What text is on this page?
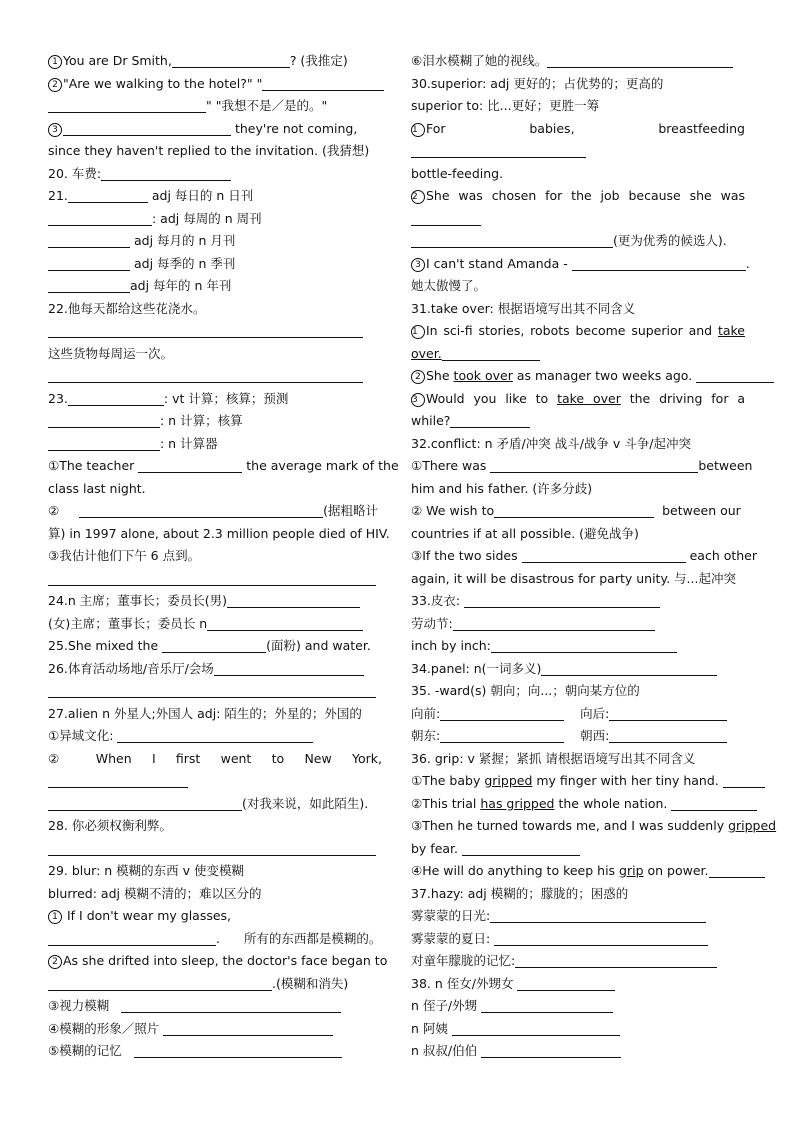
1 You are Dr Smith,	? (我推定)
2 "Are we walking to the hotel?" "
" "我想不是／是的。"
3	they're not coming,
since they haven't replied to the invitation. (我猜想)
20. 车费:
21.	adj 每日的 n 日刊
: adj 每周的 n 周刊
adj 每月的 n 月刊
adj 每季的 n 季刊
adj 每年的 n 年刊
22.他每天都给这些花浇水。
这些货物每周运一次。
23.	: vt 计算；核算；预测
: n 计算；核算
: n 计算器
①The teacher	the average mark of the
class last night.
②	(据粗略计
算) in 1997 alone, about 2.3 million people died of HIV.
③我估计他们下午 6 点到。
24.n 主席；董事长；委员长(男)
(女)主席；董事长；委员长 n
25.She mixed the	(面粉) and water.
26.体育活动场地/音乐厅/会场
27.alien n 外星人;外国人 adj: 陌生的；外星的；外国的
①异域文化:
② When I first went to New York,
(对我来说，如此陌生).
28. 你必须权衡利弊。
29. blur: n 模糊的东西 v 使变模糊
blurred: adj 模糊不清的；难以区分的
1 If I don't wear my glasses,
.      所有的东西都是模糊的。
2 As she drifted into sleep, the doctor's face began to
.(模糊和消失)
③视力模糊
④模糊的形象／照片
⑤模糊的记忆
⑥泪水模糊了她的视线。
30.superior: adj 更好的；占优势的；更高的
superior to: 比...更好；更胜一筹
1 For	babies,	breastfeeding
bottle-feeding.
2 She was chosen for the job because she was
(更为优秀的候选人).
3 I can't stand Amanda -	.
她太傲慢了。
31.take over: 根据语境写出其不同含义
1 In sci-fi stories, robots become superior and take
over.
2 She took over as manager two weeks ago.
3 Would you like to take over the driving for a
while?
32.conflict: n 矛盾/冲突 战斗/战争 v 斗争/起冲突
①There was	between
him and his father. (许多分歧)
② We wish to	between our
countries if at all possible. (避免战争)
③If the two sides	each other
again, it will be disastrous for party unity. 与...起冲突
33.皮衣:
劳动节:
inch by inch:
34.panel: n(一词多义)
35. -ward(s) 朝向；向...；朝向某方位的
向前:	向后:
朝东:	朝西:
36. grip: v 紧握；紧抓 请根据语境写出其不同含义
①The baby gripped my finger with her tiny hand.
②This trial has gripped the whole nation.
③Then he turned towards me, and I was suddenly gripped
by fear.
④He will do anything to keep his grip on power.
37.hazy: adj 模糊的；朦胧的；困惑的
雾蒙蒙的日光:
雾蒙蒙的夏日:
对童年朦胧的记忆:
38. n 侄女/外甥女
n 侄子/外甥
n 阿姨
n 叔叔/伯伯
